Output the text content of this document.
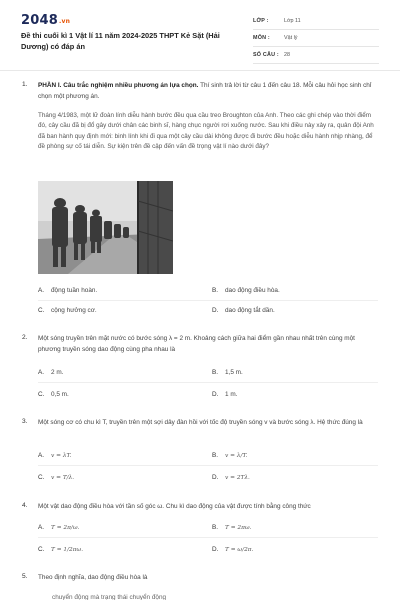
2048.vn
Đề thi cuối kì 1 Vật lí 11 năm 2024-2025 THPT Kẻ Sặt (Hải Dương) có đáp án
LỚP :	Lớp 11
MÔN :	Vật lý
SỐ CÂU : 28
1. PHẦN I. Câu trắc nghiệm nhiều phương án lựa chọn. Thí sinh trả lời từ câu 1 đến câu 18. Mỗi câu hỏi học sinh chỉ chọn một phương án.
Tháng 4/1983, một lữ đoàn lính diễu hành bước đều qua cầu treo Broughton của Anh. Theo các ghi chép vào thời điểm đó, cây cầu đã bị đổ gây dưới chân các binh sĩ, hàng chục người rơi xuống nước. Sau khi điều này xảy ra, quân đội Anh đã ban hành quy định mới: binh lính khi đi qua một cây cầu dài không được đi bước đều hoặc diễu hành nhịp nhàng, để đề phòng sự cố tái diễn. Sự kiện trên đề cập đến vấn đề trọng vật lí nào dưới đây?
A. động tuần hoàn.	B. dao động điều hòa.
C. cộng hưởng cơ.	D. dao động tắt dần.
2. Một sóng truyền trên mặt nước có bước sóng λ = 2 m. Khoảng cách giữa hai điểm gần nhau nhất trên cùng một phương truyền sóng dao động cùng pha nhau là
A. 2 m.	B. 1,5 m.
C. 0,5 m.	D. 1 m.
3. Một sóng cơ có chu kì T, truyền trên một sợi dây đàn hồi với tốc độ truyền sóng v và bước sóng λ. Hệ thức đúng là
A. v = λT.	B. v = λ/T.
C. v = T/λ.	D. v = 2Tλ.
4. Một vật dao động điều hòa với tần số góc ω. Chu kì dao động của vật được tính bằng công thức
A. T = 2π/ω.	B. T = 2πω.
C. T = 1/2πω.	D. T = ω/2π.
5. Theo định nghĩa, dao động điều hòa là
chuyển động mà trạng thái chuyển động
